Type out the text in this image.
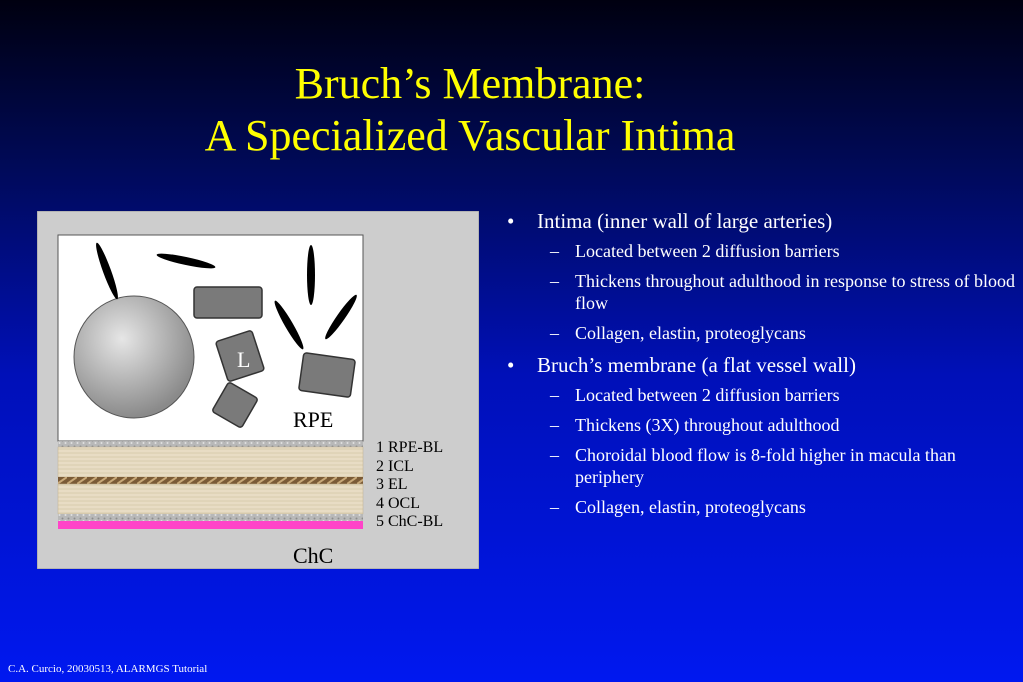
Bruch’s Membrane:
A Specialized Vascular Intima
L
RPE
1 RPE-BL
2 ICL
3 EL
4 OCL
5 ChC-BL
ChC
• Intima (inner wall of large arteries)
– Located between 2 diffusion barriers
– Thickens throughout adulthood in response to stress of blood flow
– Collagen, elastin, proteoglycans
• Bruch’s membrane (a flat vessel wall)
– Located between 2 diffusion barriers
– Thickens (3X) throughout adulthood
– Choroidal blood flow is 8-fold higher in macula than periphery
– Collagen, elastin, proteoglycans
C.A. Curcio, 20030513, ALARMGS Tutorial
